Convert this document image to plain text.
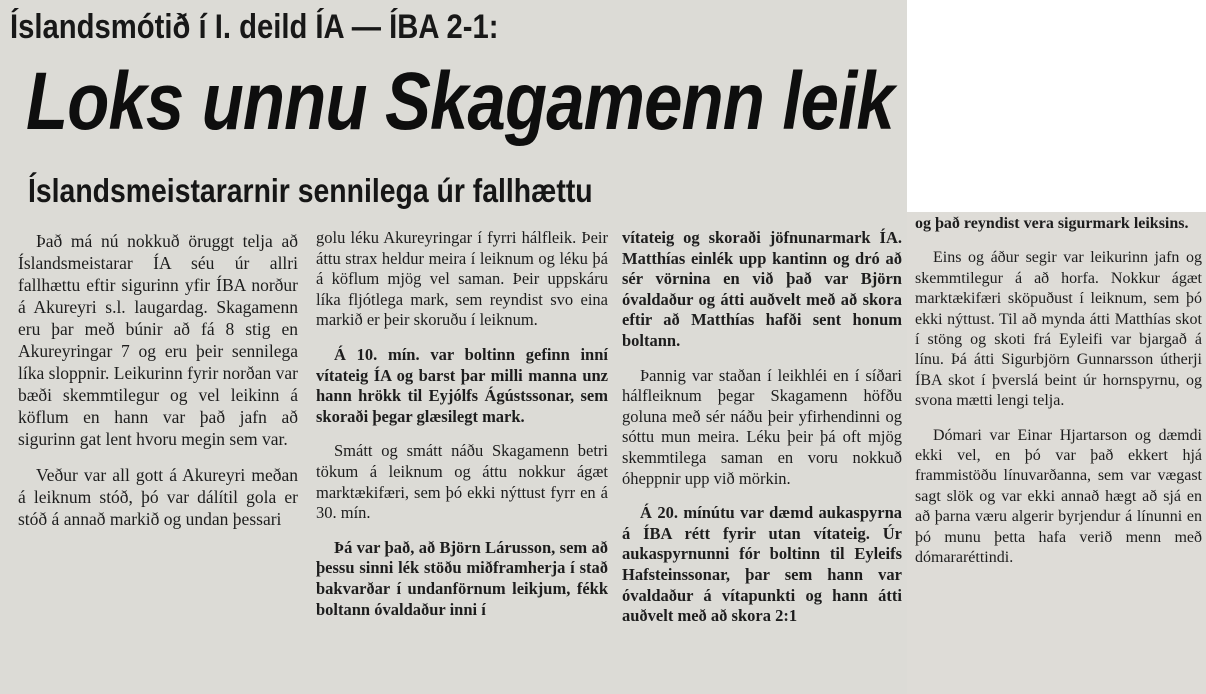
Íslandsmótið í I. deild ÍA — ÍBA 2-1:
Loks unnu Skagamenn leik
Íslandsmeistararnir sennilega úr fallhættu

Það má nú nokkuð öruggt telja að Íslandsmeistarar ÍA séu úr allri fallhættu eftir sigurinn yfir ÍBA norður á Akureyri s.l. laugardag. Skagamenn eru þar með búnir að fá 8 stig en Akureyringar 7 og eru þeir sennilega líka sloppnir. Leikurinn fyrir norðan var bæði skemmtilegur og vel leikinn á köflum en hann var það jafn að sigurinn gat lent hvoru megin sem var.

Veður var all gott á Akureyri meðan á leiknum stóð, þó var dálítil gola er stóð á annað markið og undan þessari

golu léku Akureyringar í fyrri hálfleik. Þeir áttu strax heldur meira í leiknum og léku þá á köflum mjög vel saman. Þeir uppskáru líka fljótlega mark, sem reyndist svo eina markið er þeir skoruðu í leiknum.

Á 10. mín. var boltinn gefinn inní vítateig ÍA og barst þar milli manna unz hann hrökk til Eyjólfs Ágústssonar, sem skoraði þegar glæsilegt mark.

Smátt og smátt náðu Skagamenn betri tökum á leiknum og áttu nokkur ágæt marktækifæri, sem þó ekki nýttust fyrr en á 30. mín.

Þá var það, að Björn Lárusson, sem að þessu sinni lék stöðu miðframherja í stað bakvarðar í undanförnum leikjum, fékk boltann óvaldaður inni í

vítateig og skoraði jöfnunarmark ÍA. Matthías einlék upp kantinn og dró að sér vörnina en við það var Björn óvaldaður og átti auðvelt með að skora eftir að Matthías hafði sent honum boltann.

Þannig var staðan í leikhléi en í síðari hálfleiknum þegar Skagamenn höfðu goluna með sér náðu þeir yfirhendinni og sóttu mun meira. Léku þeir þá oft mjög skemmtilega saman en voru nokkuð óheppnir upp við mörkin.

Á 20. mínútu var dæmd aukaspyrna á ÍBA rétt fyrir utan vítateig. Úr aukaspyrnunni fór boltinn til Eyleifs Hafsteinssonar, þar sem hann var óvaldaður á vítapunkti og hann átti auðvelt með að skora 2:1

og það reyndist vera sigurmark leiksins.

Eins og áður segir var leikurinn jafn og skemmtilegur á að horfa. Nokkur ágæt marktækifæri sköpuðust í leiknum, sem þó ekki nýttust. Til að mynda átti Matthías skot í stöng og skoti frá Eyleifi var bjargað á línu. Þá átti Sigurbjörn Gunnarsson útherji ÍBA skot í þverslá beint úr hornspyrnu, og svona mætti lengi telja.

Dómari var Einar Hjartarson og dæmdi ekki vel, en þó var það ekkert hjá frammistöðu línuvarðanna, sem var vægast sagt slök og var ekki annað hægt að sjá en að þarna væru algerir byrjendur á línunni en þó munu þetta hafa verið menn með dómararéttindi.
